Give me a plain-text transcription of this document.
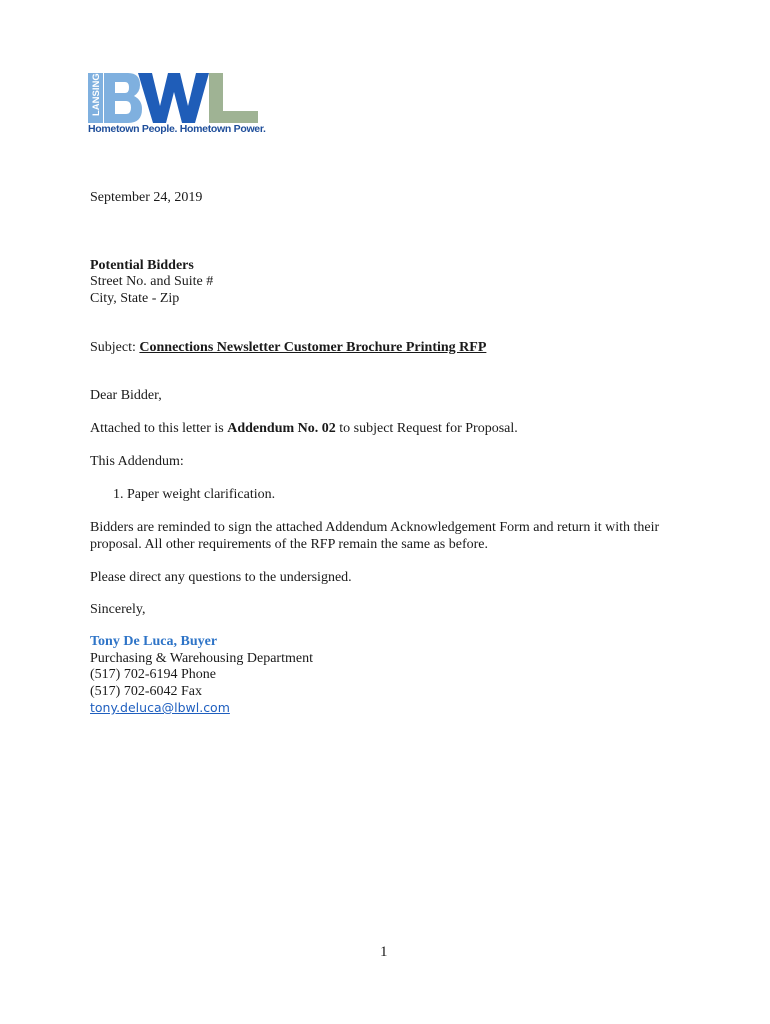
LANSING
Hometown People. Hometown Power.
September 24, 2019
Potential Bidders
Street No. and Suite #
City, State - Zip
Subject: Connections Newsletter Customer Brochure Printing RFP
Dear Bidder,
Attached to this letter is Addendum No. 02 to subject Request for Proposal.
This Addendum:
1. Paper weight clarification.
Bidders are reminded to sign the attached Addendum Acknowledgement Form and return it with their
proposal. All other requirements of the RFP remain the same as before.
Please direct any questions to the undersigned.
Sincerely,
Tony De Luca, Buyer
Purchasing & Warehousing Department
(517) 702-6194 Phone
(517) 702-6042 Fax
tony.deluca@lbwl.com
1
